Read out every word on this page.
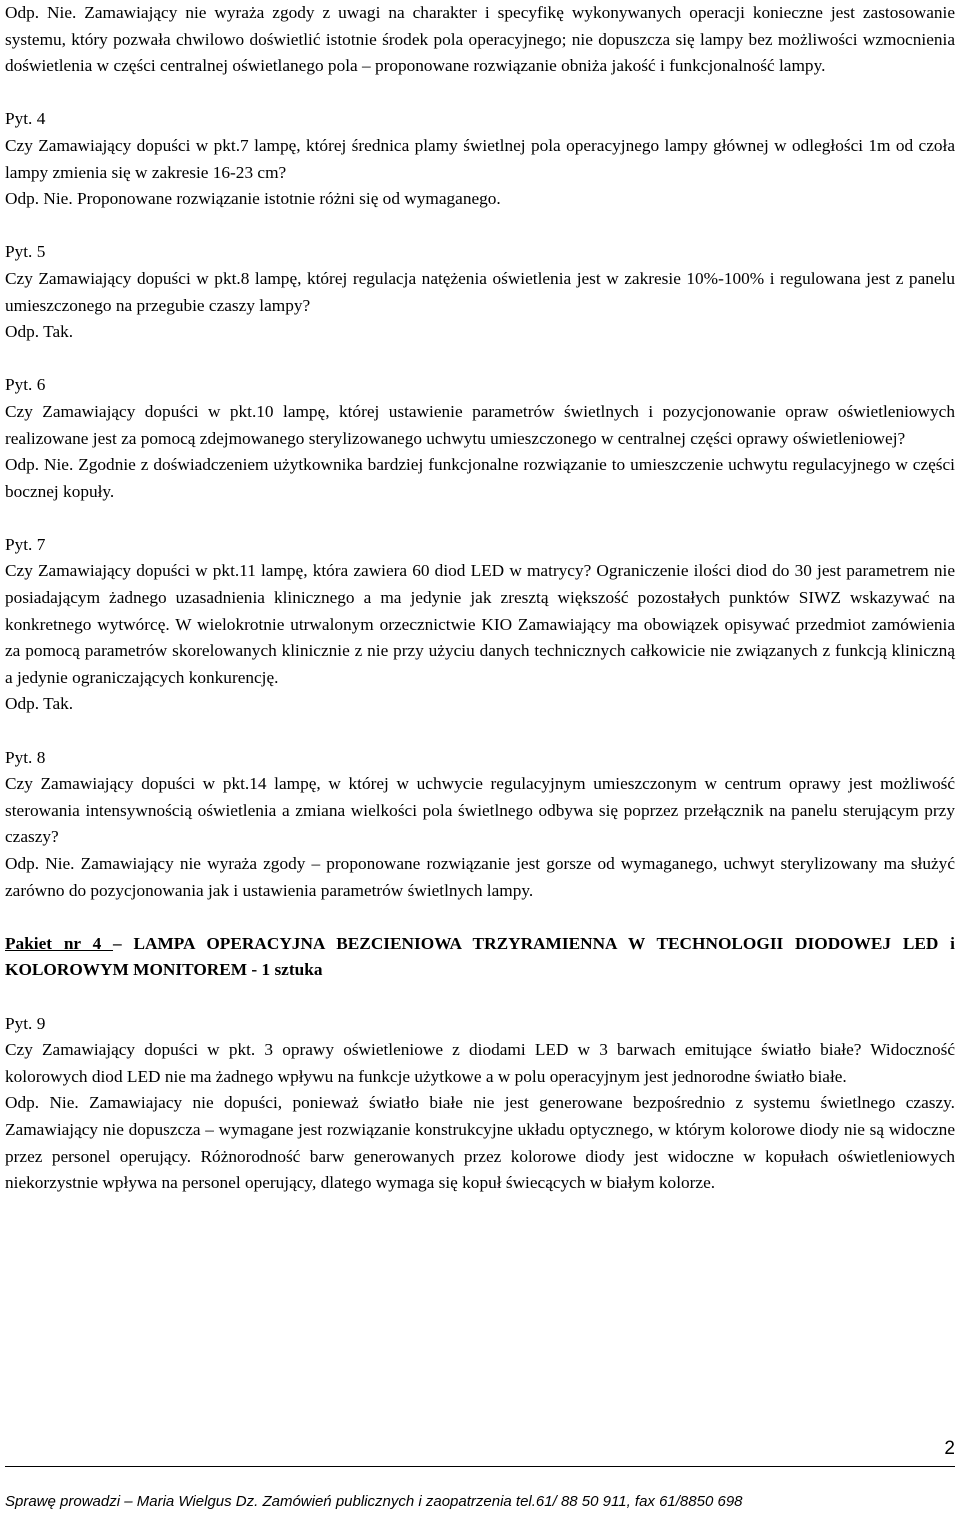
Odp. Nie. Zamawiający nie wyraża zgody z uwagi na charakter i specyfikę wykonywanych operacji konieczne jest zastosowanie systemu, który pozwała chwilowo doświetlić istotnie środek pola operacyjnego; nie dopuszcza się lampy bez możliwości wzmocnienia doświetlenia w części centralnej oświetlanego pola – proponowane rozwiązanie obniża jakość i funkcjonalność lampy.

Pyt. 4

Czy Zamawiający dopuści w pkt.7 lampę, której średnica plamy świetlnej pola operacyjnego lampy głównej w odległości 1m od czoła lampy zmienia się w zakresie 16-23 cm?

Odp. Nie. Proponowane rozwiązanie istotnie różni się od wymaganego.

Pyt. 5

Czy Zamawiający dopuści w pkt.8 lampę, której regulacja natężenia oświetlenia jest w zakresie 10%-100% i regulowana jest z panelu umieszczonego na przegubie czaszy lampy?

Odp. Tak.

Pyt. 6

Czy Zamawiający dopuści w pkt.10 lampę, której ustawienie parametrów świetlnych i pozycjonowanie opraw oświetleniowych realizowane jest za pomocą zdejmowanego sterylizowanego uchwytu umieszczonego w centralnej części oprawy oświetleniowej?

Odp. Nie. Zgodnie z doświadczeniem użytkownika bardziej funkcjonalne rozwiązanie to umieszczenie uchwytu regulacyjnego w części bocznej kopuły.

Pyt. 7

Czy Zamawiający dopuści w pkt.11 lampę, która zawiera 60 diod LED w matrycy? Ograniczenie ilości diod do 30 jest parametrem nie posiadającym żadnego uzasadnienia klinicznego a ma jedynie jak zresztą większość pozostałych punktów SIWZ wskazywać na konkretnego wytwórcę. W wielokrotnie utrwalonym orzecznictwie KIO Zamawiający ma obowiązek opisywać przedmiot zamówienia za pomocą parametrów skorelowanych klinicznie z nie przy użyciu danych technicznych całkowicie nie związanych z funkcją kliniczną a jedynie ograniczających konkurencję.

Odp. Tak.

Pyt. 8

Czy Zamawiający dopuści w pkt.14 lampę, w której w uchwycie regulacyjnym umieszczonym w centrum oprawy jest możliwość sterowania intensywnością oświetlenia a zmiana wielkości pola świetlnego odbywa się poprzez przełącznik na panelu sterującym przy czaszy?

Odp. Nie. Zamawiający nie wyraża zgody – proponowane rozwiązanie jest gorsze od wymaganego, uchwyt sterylizowany ma służyć zarówno do pozycjonowania jak i ustawienia parametrów świetlnych lampy.

Pakiet nr 4 – LAMPA OPERACYJNA BEZCIENIOWA TRZYRAMIENNA W TECHNOLOGII DIODOWEJ LED i KOLOROWYM MONITOREM - 1 sztuka

Pyt. 9

Czy Zamawiający dopuści w pkt. 3 oprawy oświetleniowe z diodami LED w 3 barwach emitujące światło białe? Widoczność kolorowych diod LED nie ma żadnego wpływu na funkcje użytkowe a w polu operacyjnym jest jednorodne światło białe.

Odp. Nie. Zamawiajacy nie dopuści, ponieważ światło białe nie jest generowane bezpośrednio z systemu świetlnego czaszy. Zamawiający nie dopuszcza – wymagane jest rozwiązanie konstrukcyjne układu optycznego, w którym kolorowe diody nie są widoczne przez personel operujący. Różnorodność barw generowanych przez kolorowe diody jest widoczne w kopułach oświetleniowych niekorzystnie wpływa na personel operujący, dlatego wymaga się kopuł świecących w białym kolorze.

2
Sprawę prowadzi – Maria Wielgus Dz. Zamówień publicznych i zaopatrzenia tel.61/ 88 50 911, fax 61/8850 698
